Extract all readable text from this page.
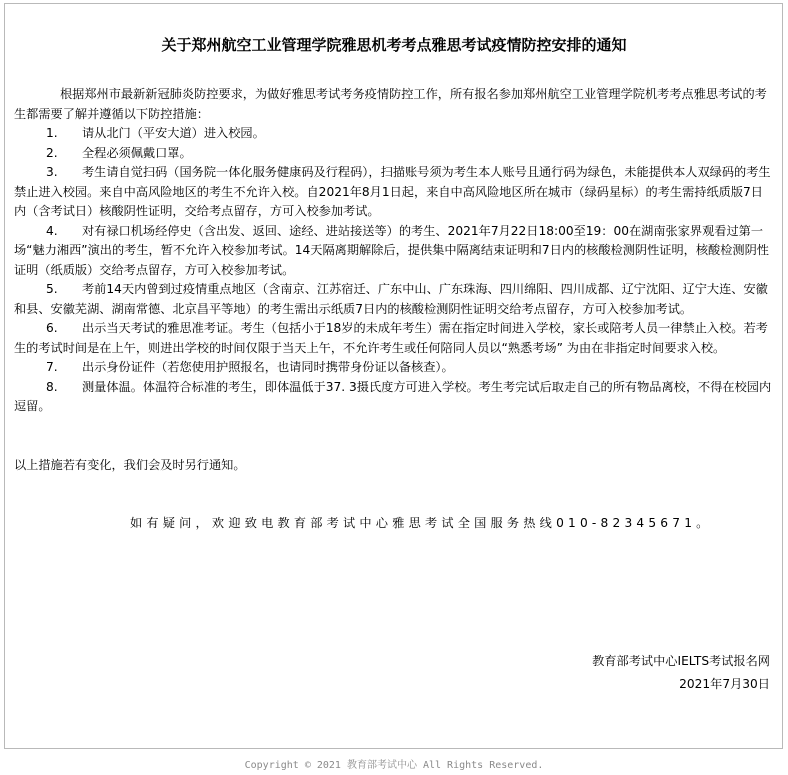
关于郑州航空工业管理学院雅思机考考点雅思考试疫情防控安排的通知

根据郑州市最新新冠肺炎防控要求，为做好雅思考试考务疫情防控工作，所有报名参加郑州航空工业管理学院机考考点雅思考试的考生都需要了解并遵循以下防控措施：

1. 请从北门（平安大道）进入校园。

2. 全程必须佩戴口罩。

3. 考生请自觉扫码（国务院一体化服务健康码及行程码），扫描账号须为考生本人账号且通行码为绿色，未能提供本人双绿码的考生禁止进入校园。来自中高风险地区的考生不允许入校。自2021年8月1日起，来自中高风险地区所在城市（绿码星标）的考生需持纸质版7日内（含考试日）核酸阴性证明，交给考点留存，方可入校参加考试。

4. 对有禄口机场经停史（含出发、返回、途经、进站接送等）的考生、2021年7月22日18:00至19：00在湖南张家界观看过第一场“魅力湘西”演出的考生，暂不允许入校参加考试。14天隔离期解除后，提供集中隔离结束证明和7日内的核酸检测阴性证明，核酸检测阴性证明（纸质版）交给考点留存，方可入校参加考试。

5. 考前14天内曾到过疫情重点地区（含南京、江苏宿迁、广东中山、广东珠海、四川绵阳、四川成都、辽宁沈阳、辽宁大连、安徽和县、安徽芜湖、湖南常德、北京昌平等地）的考生需出示纸质7日内的核酸检测阴性证明交给考点留存，方可入校参加考试。

6. 出示当天考试的雅思准考证。考生（包括小于18岁的未成年考生）需在指定时间进入学校，家长或陪考人员一律禁止入校。若考生的考试时间是在上午，则进出学校的时间仅限于当天上午，不允许考生或任何陪同人员以“熟悉考场” 为由在非指定时间要求入校。

7. 出示身份证件（若您使用护照报名，也请同时携带身份证以备核查）。

8. 测量体温。体温符合标准的考生，即体温低于37. 3摄氏度方可进入学校。考生考完试后取走自己的所有物品离校，不得在校园内逗留。

以上措施若有变化，我们会及时另行通知。

如有疑问，欢迎致电教育部考试中心雅思考试全国服务热线010-82345671。

教育部考试中心IELTS考试报名网
2021年7月30日
Copyright © 2021 教育部考试中心 All Rights Reserved.
